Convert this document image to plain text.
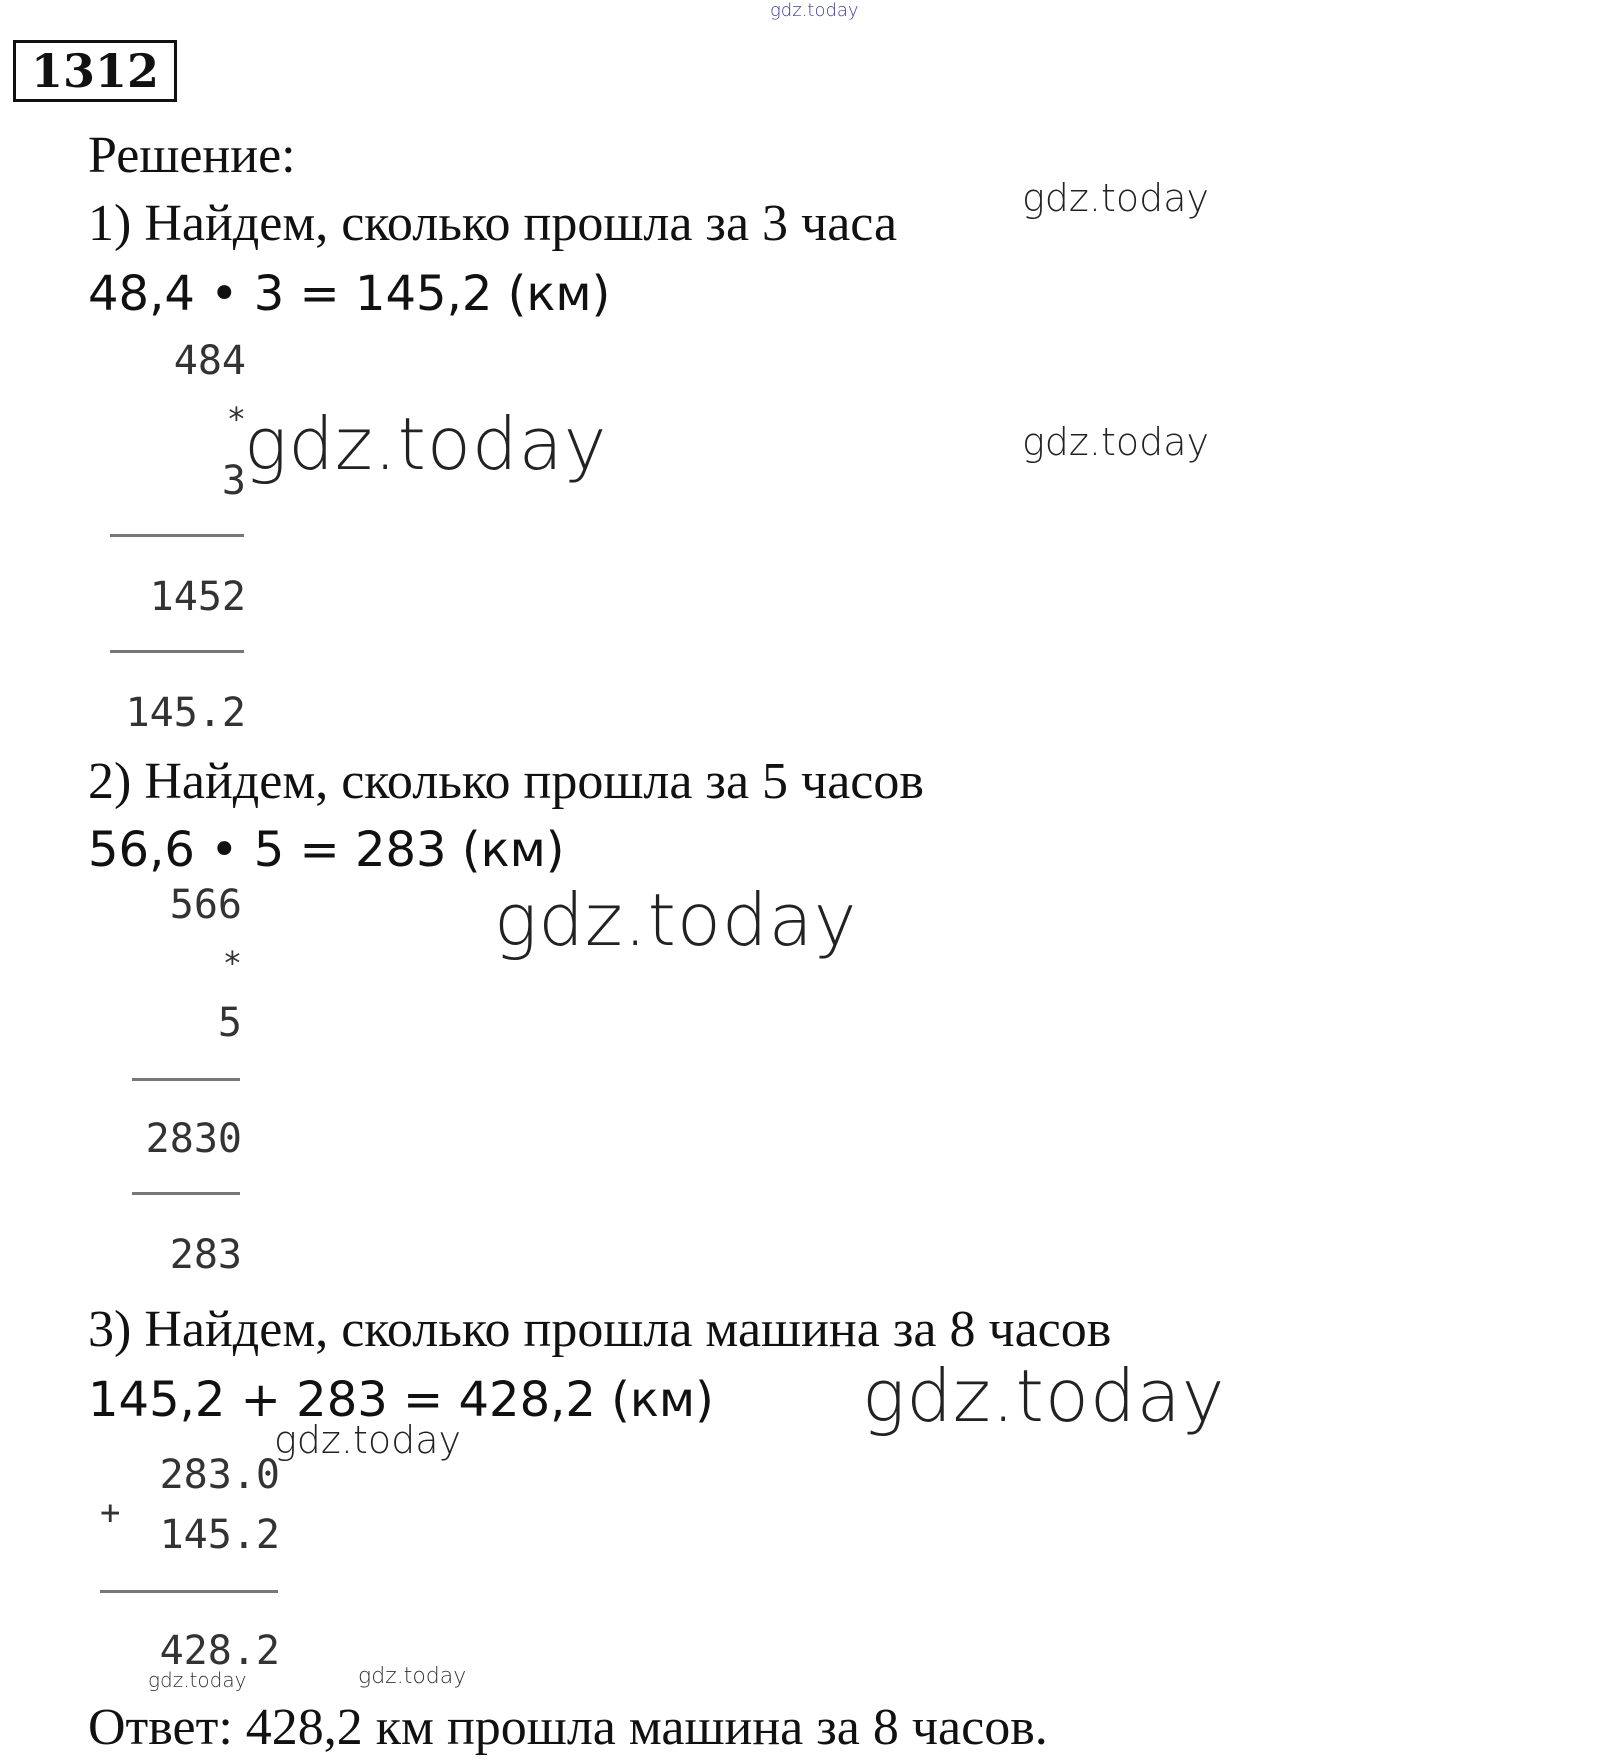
gdz.today
1312
Решение:
1) Найдем, сколько прошла за 3 часа	gdz.today
48,4 • 3 = 145,2 (км)
484
*
3
gdz.today	gdz.today
1452
145.2
2) Найдем, сколько прошла за 5 часов
56,6 • 5 = 283 (км)
566
*
5
gdz.today
2830
283
3) Найдем, сколько прошла машина за 8 часов
145,2 + 283 = 428,2 (км) gdz.today
gdz.today
+
283.0
145.2
428.2
gdz.today	gdz.today
Ответ: 428,2 км прошла машина за 8 часов.
